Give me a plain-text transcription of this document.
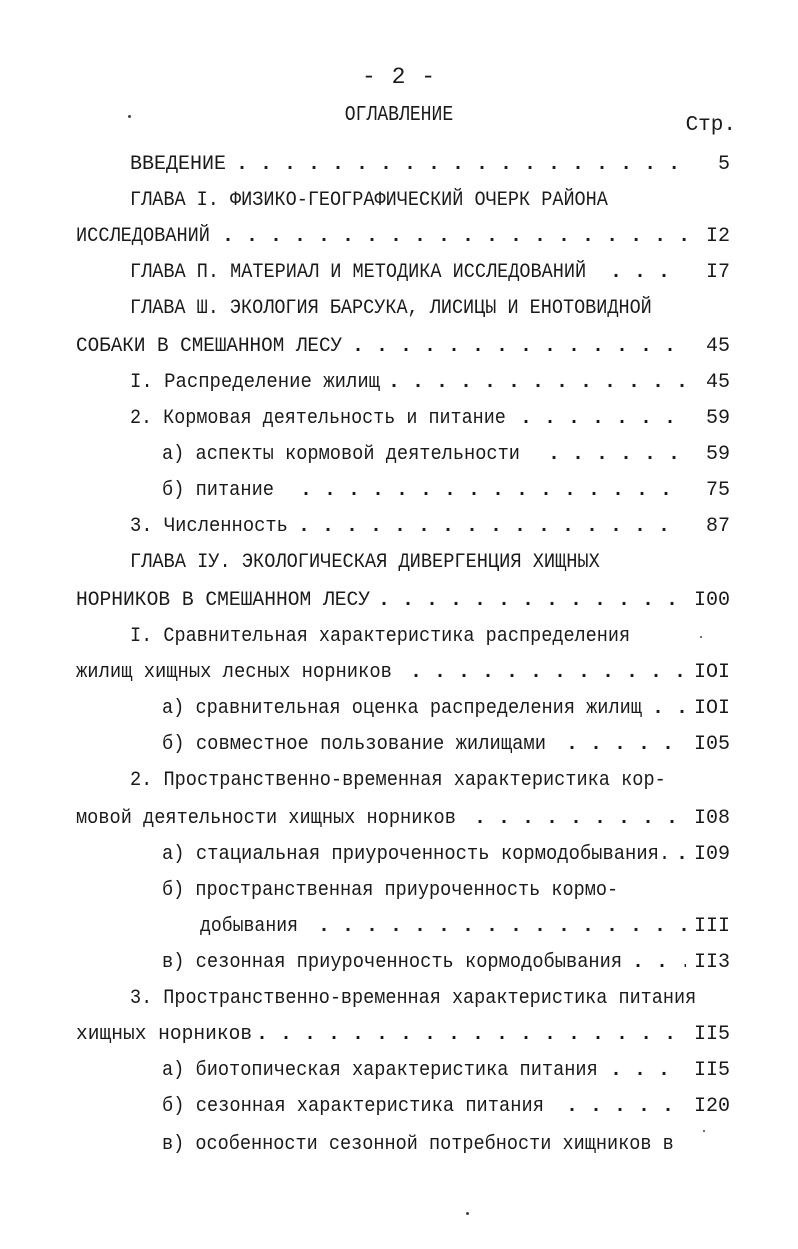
- 2 -
ОГЛАВЛЕНИЕ	Стр.
ВВЕДЕНИЕ . . .	5
ГЛАВА I. ФИЗИКО-ГЕОГРАФИЧЕСКИЙ ОЧЕРК РАЙОНА
ИССЛЕДОВАНИЙ . . .	I2
ГЛАВА П. МАТЕРИАЛ И МЕТОДИКА ИССЛЕДОВАНИЙ . . .	I7
ГЛАВА Ш. ЭКОЛОГИЯ БАРСУКА, ЛИСИЦЫ И ЕНОТОВИДНОЙ
СОБАКИ В СМЕШАННОМ ЛЕСУ . . .	45
I. Распределение жилищ . . .	45
2. Кормовая деятельность и питание . . .	59
а) аспекты кормовой деятельности . . .	59
б) питание . . .	75
3. Численность . . .	87
ГЛАВА IУ. ЭКОЛОГИЧЕСКАЯ ДИВЕРГЕНЦИЯ ХИЩНЫХ
НОРНИКОВ В СМЕШАННОМ ЛЕСУ . . .	I00
I. Сравнительная характеристика распределения
жилищ хищных лесных норников . . .	IOI
а) сравнительная оценка распределения жилищ . . .	IOI
б) совместное пользование жилищами . . .	I05
2. Пространственно-временная характеристика кор-
мовой деятельности хищных норников . . .	I08
а) стациальная приуроченность кормодобывания. . . . I09
б) пространственная приуроченность кормо-
добывания . . .	III
в) сезонная приуроченность кормодобывания . . .	II3
3. Пространственно-временная характеристика питания
хищных норников . . .	II5
а) биотопическая характеристика питания . . .	II5
б) сезонная характеристика питания . . .	I20
в) особенности сезонной потребности хищников в
